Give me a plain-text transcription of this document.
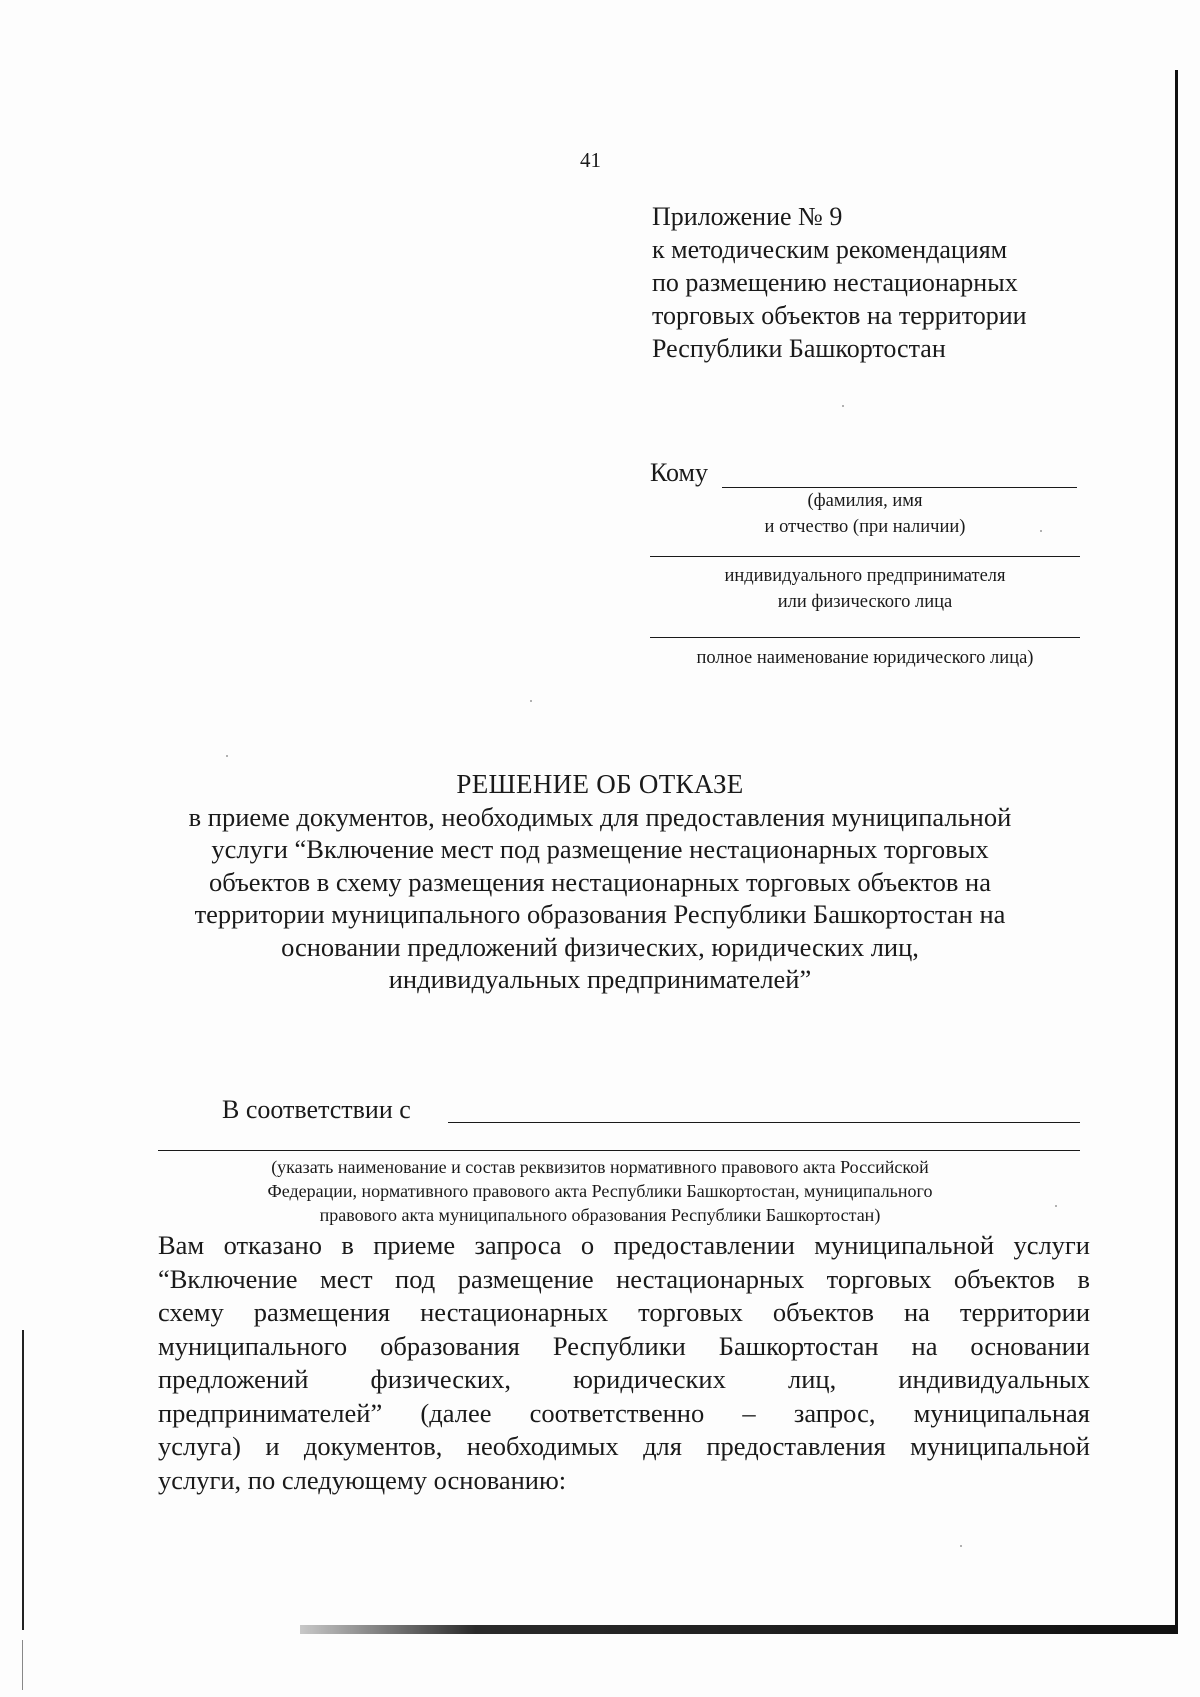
41
Приложение № 9
к методическим рекомендациям
по размещению нестационарных
торговых объектов на территории
Республики Башкортостан
Кому
(фамилия, имя
и отчество (при наличии)
индивидуального предпринимателя
или физического лица
полное наименование юридического лица)
РЕШЕНИЕ ОБ ОТКАЗЕ
в приеме документов, необходимых для предоставления муниципальной
услуги “Включение мест под размещение нестационарных торговых
объектов в схему размещения нестационарных торговых объектов на
территории муниципального образования Республики Башкортостан на
основании предложений физических, юридических лиц,
индивидуальных предпринимателей”
В соответствии с
(указать наименование и состав реквизитов нормативного правового акта Российской
Федерации, нормативного правового акта Республики Башкортостан, муниципального
правового акта муниципального образования Республики Башкортостан)
Вам отказано в приеме запроса о предоставлении муниципальной услуги
“Включение мест под размещение нестационарных торговых объектов в
схему размещения нестационарных торговых объектов на территории
муниципального образования Республики Башкортостан на основании
предложений физических, юридических лиц, индивидуальных
предпринимателей” (далее соответственно – запрос, муниципальная
услуга) и документов, необходимых для предоставления муниципальной
услуги, по следующему основанию:
